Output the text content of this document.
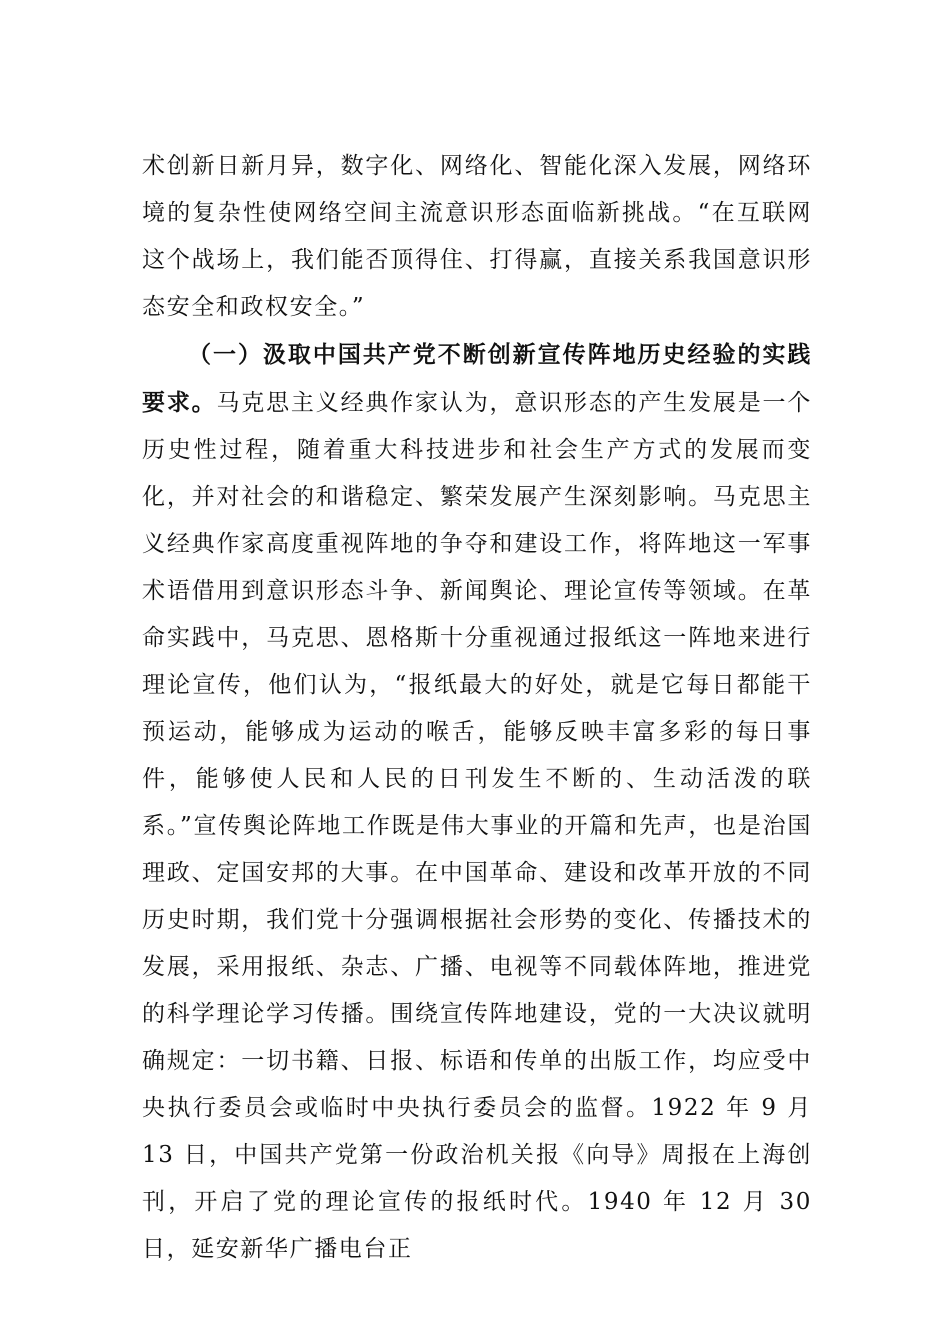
术创新日新月异，数字化、网络化、智能化深入发展，网络环境的复杂性使网络空间主流意识形态面临新挑战。“在互联网这个战场上，我们能否顶得住、打得赢，直接关系我国意识形态安全和政权安全。”

（一）汲取中国共产党不断创新宣传阵地历史经验的实践要求。马克思主义经典作家认为，意识形态的产生发展是一个历史性过程，随着重大科技进步和社会生产方式的发展而变化，并对社会的和谐稳定、繁荣发展产生深刻影响。马克思主义经典作家高度重视阵地的争夺和建设工作，将阵地这一军事术语借用到意识形态斗争、新闻舆论、理论宣传等领域。在革命实践中，马克思、恩格斯十分重视通过报纸这一阵地来进行理论宣传，他们认为，“报纸最大的好处，就是它每日都能干预运动，能够成为运动的喉舌，能够反映丰富多彩的每日事件，能够使人民和人民的日刊发生不断的、生动活泼的联系。”宣传舆论阵地工作既是伟大事业的开篇和先声，也是治国理政、定国安邦的大事。在中国革命、建设和改革开放的不同历史时期，我们党十分强调根据社会形势的变化、传播技术的发展，采用报纸、杂志、广播、电视等不同载体阵地，推进党的科学理论学习传播。围绕宣传阵地建设，党的一大决议就明确规定：一切书籍、日报、标语和传单的出版工作，均应受中央执行委员会或临时中央执行委员会的监督。1922 年 9 月 13 日，中国共产党第一份政治机关报《向导》周报在上海创刊，开启了党的理论宣传的报纸时代。1940 年 12 月 30 日，延安新华广播电台正
